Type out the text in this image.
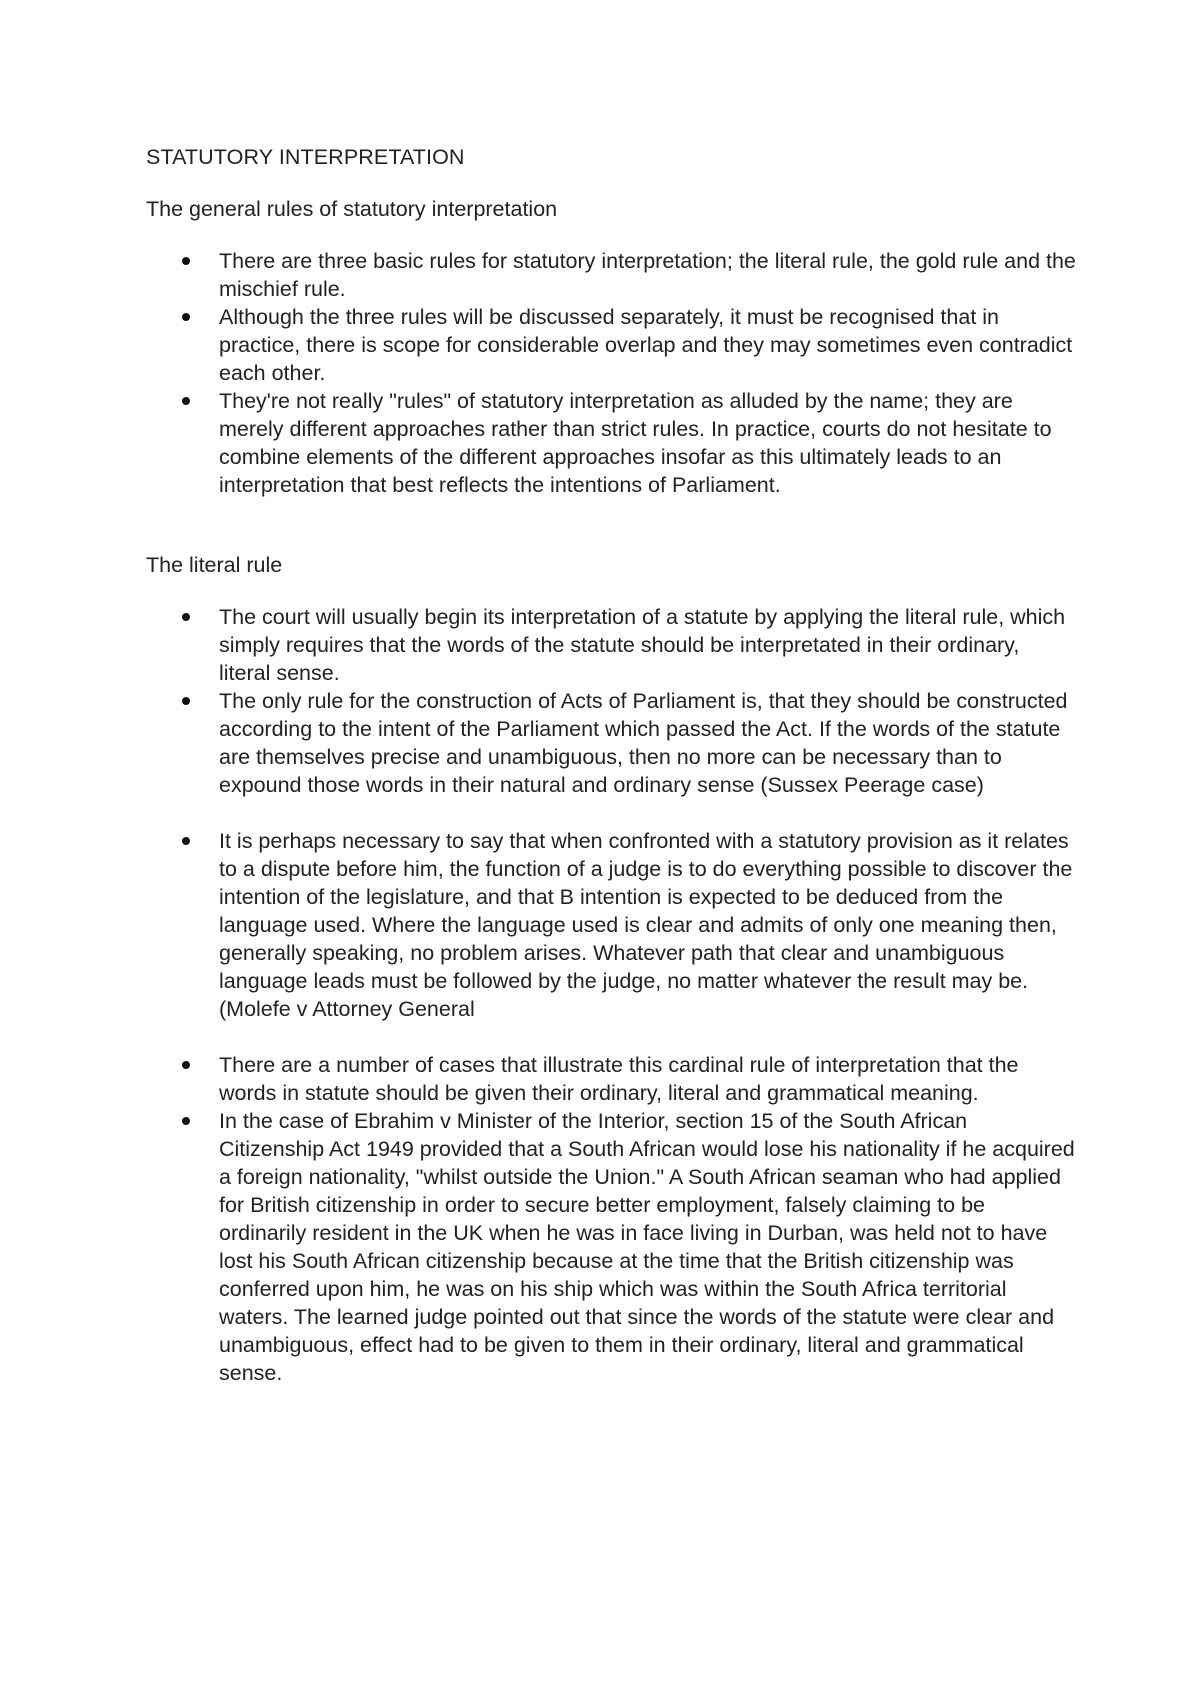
STATUTORY INTERPRETATION
The general rules of statutory interpretation
There are three basic rules for statutory interpretation; the literal rule, the gold rule and the mischief rule.
Although the three rules will be discussed separately, it must be recognised that in practice, there is scope for considerable overlap and they may sometimes even contradict each other.
They're not really "rules" of statutory interpretation as alluded by the name; they are merely different approaches rather than strict rules. In practice, courts do not hesitate to combine elements of the different approaches insofar as this ultimately leads to an interpretation that best reflects the intentions of Parliament.
The literal rule
The court will usually begin its interpretation of a statute by applying the literal rule, which simply requires that the words of the statute should be interpretated in their ordinary, literal sense.
The only rule for the construction of Acts of Parliament is, that they should be constructed according to the intent of the Parliament which passed the Act. If the words of the statute are themselves precise and unambiguous, then no more can be necessary than to expound those words in their natural and ordinary sense (Sussex Peerage case)
It is perhaps necessary to say that when confronted with a statutory provision as it relates to a dispute before him, the function of a judge is to do everything possible to discover the intention of the legislature, and that B intention is expected to be deduced from the language used. Where the language used is clear and admits of only one meaning then, generally speaking, no problem arises. Whatever path that clear and unambiguous language leads must be followed by the judge, no matter whatever the result may be. (Molefe v Attorney General
There are a number of cases that illustrate this cardinal rule of interpretation that the words in statute should be given their ordinary, literal and grammatical meaning.
In the case of Ebrahim v Minister of the Interior, section 15 of the South African Citizenship Act 1949 provided that a South African would lose his nationality if he acquired a foreign nationality, "whilst outside the Union." A South African seaman who had applied for British citizenship in order to secure better employment, falsely claiming to be ordinarily resident in the UK when he was in face living in Durban, was held not to have lost his South African citizenship because at the time that the British citizenship was conferred upon him, he was on his ship which was within the South Africa territorial waters. The learned judge pointed out that since the words of the statute were clear and unambiguous, effect had to be given to them in their ordinary, literal and grammatical sense.
